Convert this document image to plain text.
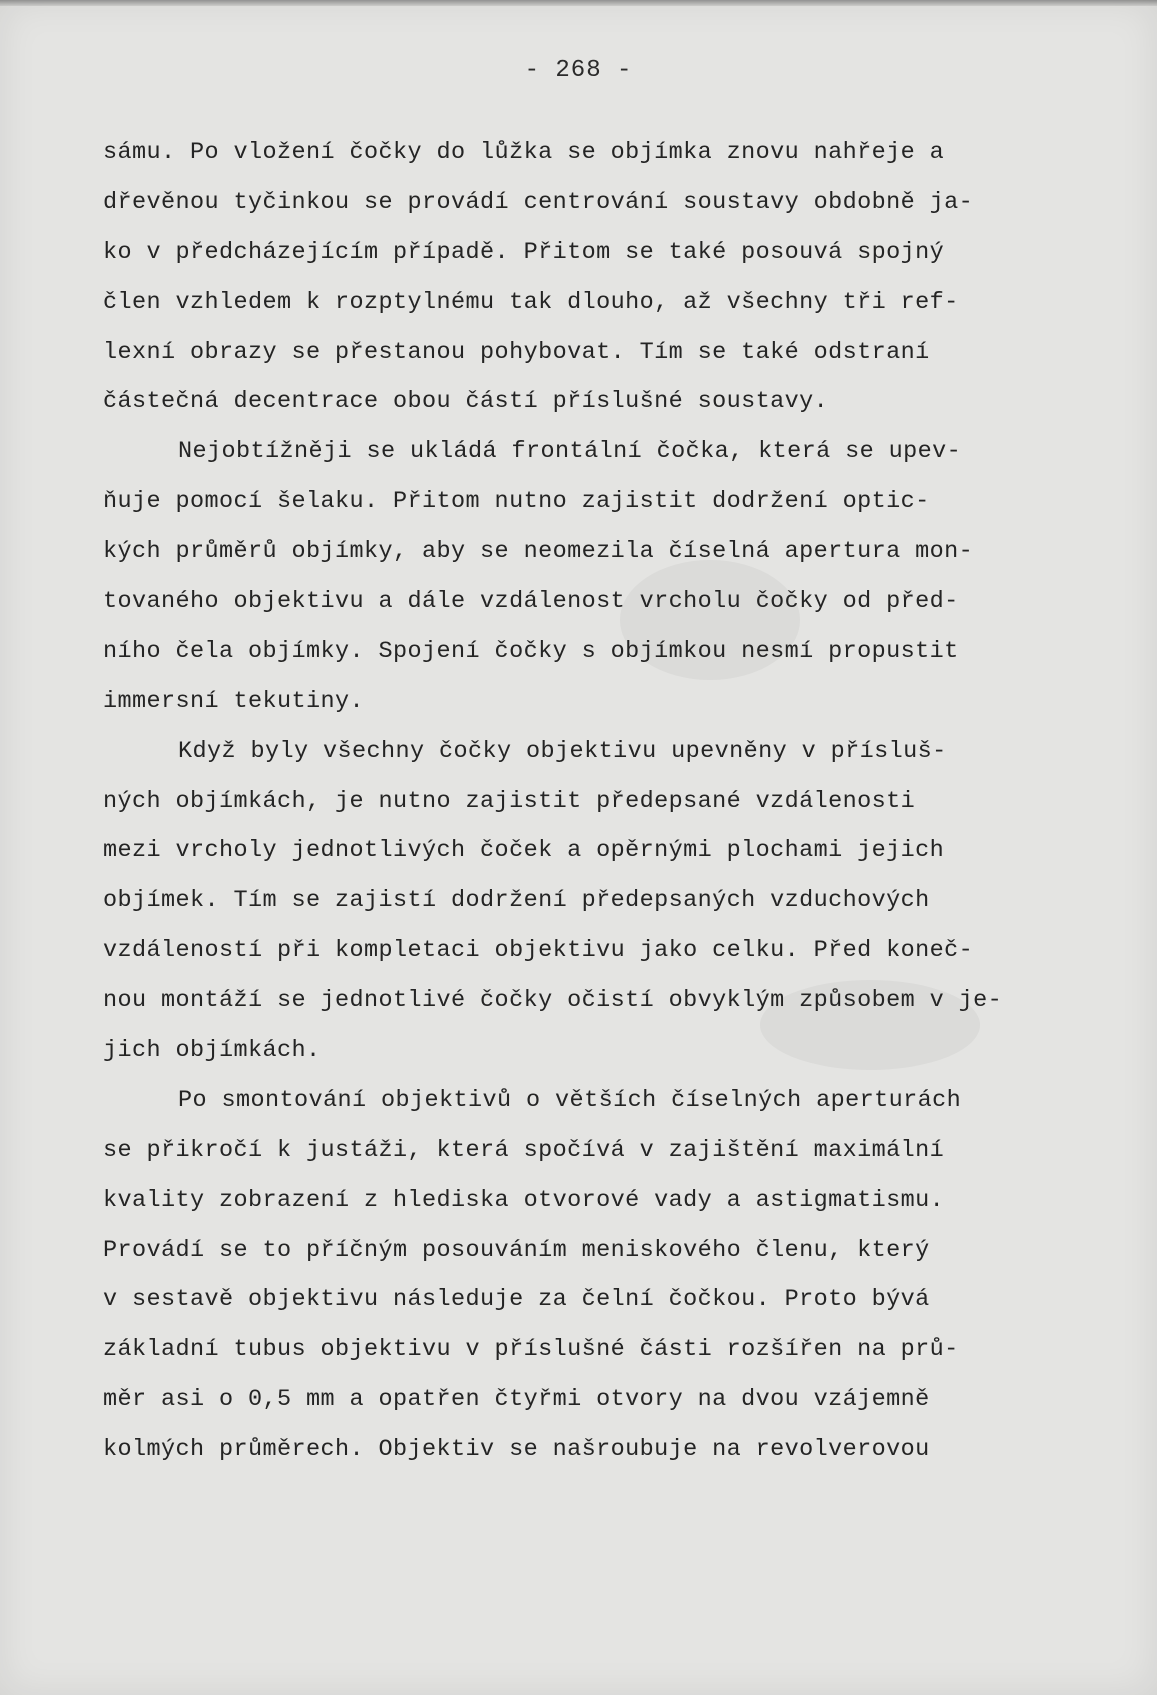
- 268 -
sámu. Po vložení čočky do lůžka se objímka znovu nahřeje a
dřevěnou tyčinkou se provádí centrování soustavy obdobně ja-
ko v předcházejícím případě. Přitom se také posouvá spojný
člen vzhledem k rozptylnému tak dlouho, až všechny tři ref-
lexní obrazy se přestanou pohybovat. Tím se také odstraní
částečná decentrace obou částí příslušné soustavy.
Nejobtížněji se ukládá frontální čočka, která se upev-
ňuje pomocí šelaku. Přitom nutno zajistit dodržení optic-
kých průměrů objímky, aby se neomezila číselná apertura mon-
tovaného objektivu a dále vzdálenost vrcholu čočky od před-
ního čela objímky. Spojení čočky s objímkou nesmí propustit
immersní tekutiny.
Když byly všechny čočky objektivu upevněny v přísluš-
ných objímkách, je nutno zajistit předepsané vzdálenosti
mezi vrcholy jednotlivých čoček a opěrnými plochami jejich
objímek. Tím se zajistí dodržení předepsaných vzduchových
vzdáleností při kompletaci objektivu jako celku. Před koneč-
nou montáží se jednotlivé čočky očistí obvyklým způsobem v je-
jich objímkách.
Po smontování objektivů o větších číselných aperturách
se přikročí k justáži, která spočívá v zajištění maximální
kvality zobrazení z hlediska otvorové vady a astigmatismu.
Provádí se to příčným posouváním meniskového členu, který
v sestavě objektivu následuje za čelní čočkou. Proto bývá
základní tubus objektivu v příslušné části rozšířen na prů-
měr asi o 0,5 mm a opatřen čtyřmi otvory na dvou vzájemně
kolmých průměrech. Objektiv se našroubuje na revolverovou
